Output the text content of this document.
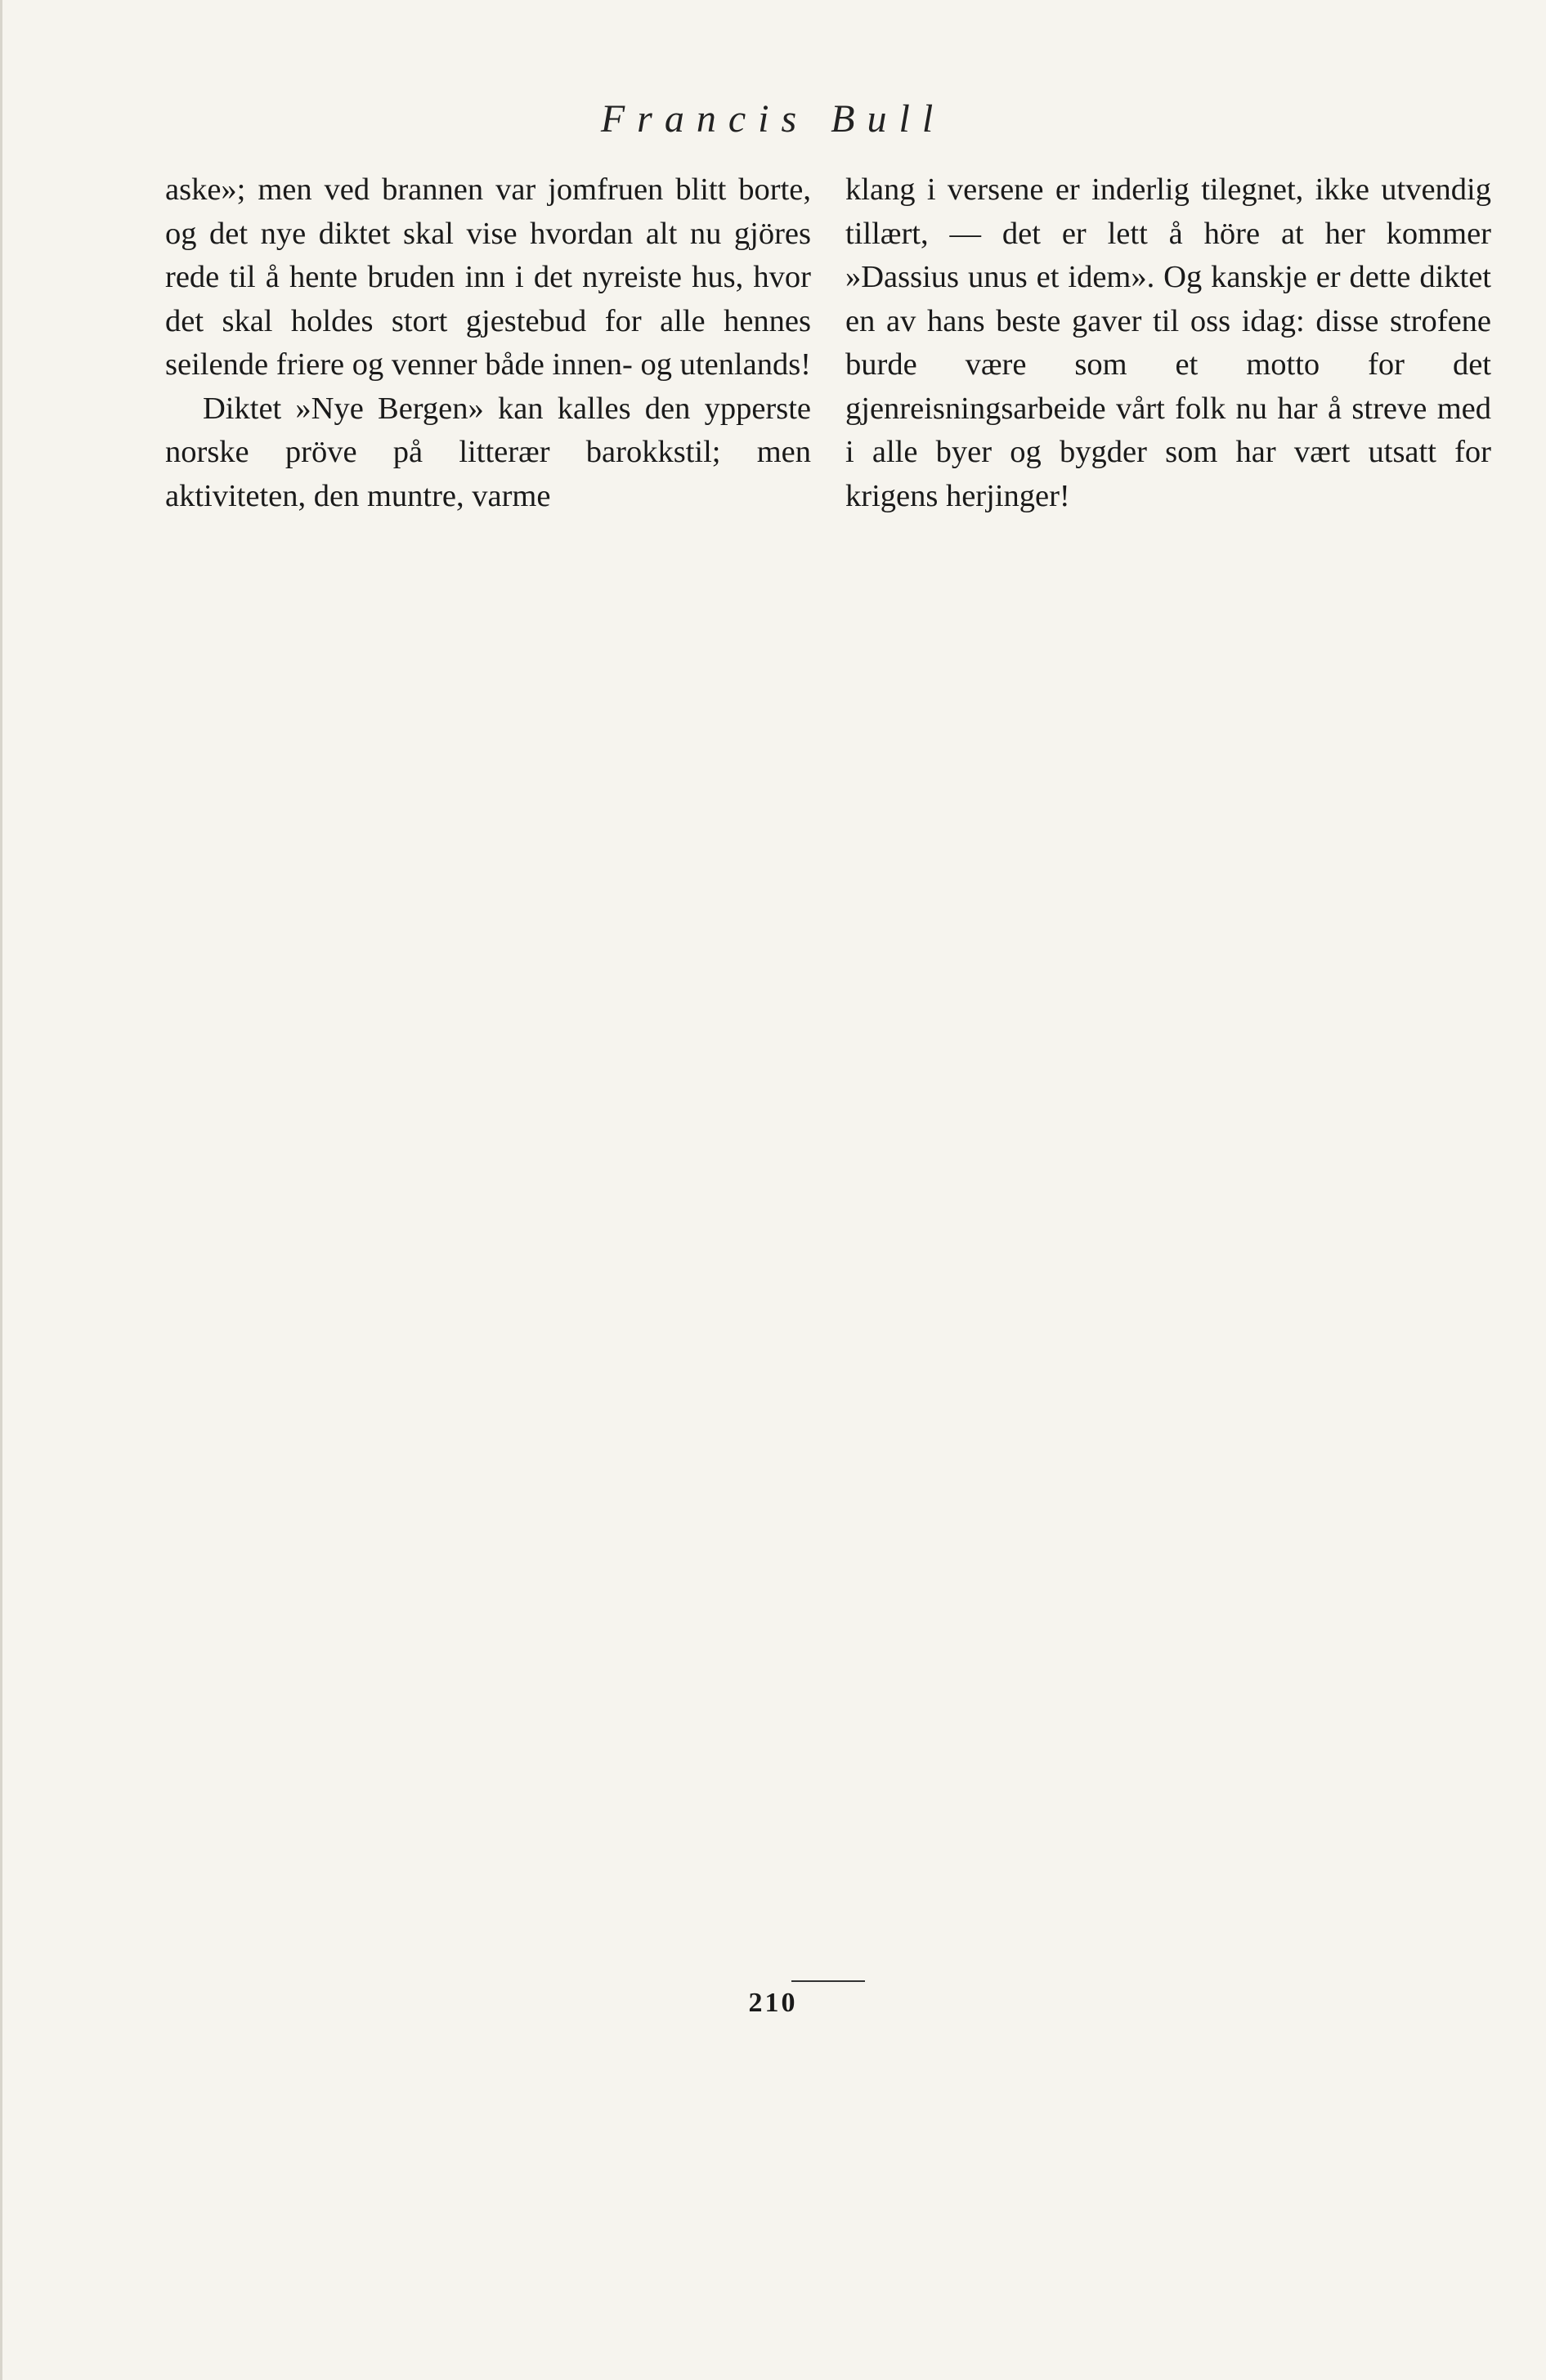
Francis Bull

aske»; men ved brannen var jomfruen blitt borte, og det nye diktet skal vise hvordan alt nu gjöres rede til å hente bruden inn i det nyreiste hus, hvor det skal holdes stort gjestebud for alle hennes seilende friere og venner både innen- og utenlands!

Diktet »Nye Bergen» kan kalles den ypperste norske pröve på litterær barokkstil; men aktiviteten, den muntre, varme

klang i versene er inderlig tilegnet, ikke utvendig tillært, — det er lett å höre at her kommer »Dassius unus et idem». Og kanskje er dette diktet en av hans beste gaver til oss idag: disse strofene burde være som et motto for det gjenreisningsarbeide vårt folk nu har å streve med i alle byer og bygder som har vært utsatt for krigens herjinger!

210
